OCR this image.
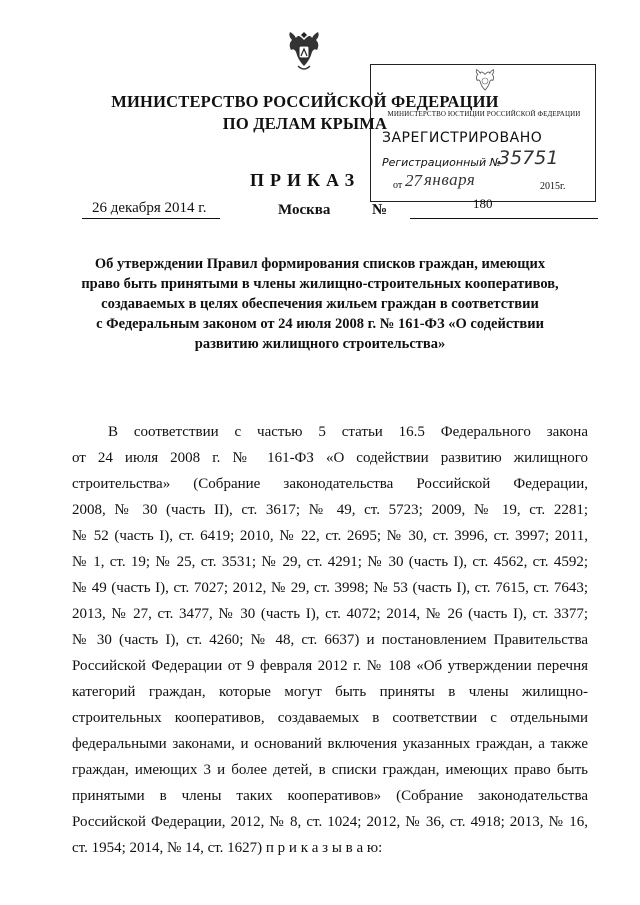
МИНИСТЕРСТВО РОССИЙСКОЙ ФЕДЕРАЦИИ
ПО ДЕЛАМ КРЫМА МИНИСТЕРСТВО ЮСТИЦИИ РОССИЙСКОЙ ФЕДЕРАЦИИ
ЗАРЕГИСТРИРОВАНО
Регистрационный №
35751
от 27 января	2015г.
ПРИКАЗ
26 декабря 2014 г.	Москва	№	180
Об утверждении Правил формирования списков граждан, имеющих
право быть принятыми в члены жилищно-строительных кооперативов,
создаваемых в целях обеспечения жильем граждан в соответствии
с Федеральным законом от 24 июля 2008 г. № 161-ФЗ «О содействии
развитию жилищного строительства»
В соответствии с частью 5 статьи 16.5 Федерального закона
от 24 июля 2008 г. № 161-ФЗ «О содействии развитию жилищного
строительства» (Собрание законодательства Российской Федерации,
2008, № 30 (часть II), ст. 3617; № 49, ст. 5723; 2009, № 19, ст. 2281;
№ 52 (часть I), ст. 6419; 2010, № 22, ст. 2695; № 30, ст. 3996, ст. 3997; 2011,
№ 1, ст. 19; № 25, ст. 3531; № 29, ст. 4291; № 30 (часть I), ст. 4562, ст. 4592;
№ 49 (часть I), ст. 7027; 2012, № 29, ст. 3998; № 53 (часть I), ст. 7615, ст. 7643;
2013, № 27, ст. 3477, № 30 (часть I), ст. 4072; 2014, № 26 (часть I), ст. 3377;
№ 30 (часть I), ст. 4260; № 48, ст. 6637) и постановлением Правительства
Российской Федерации от 9 февраля 2012 г. № 108 «Об утверждении перечня
категорий граждан, которые могут быть приняты в члены жилищно-
строительных кооперативов, создаваемых в соответствии с отдельными
федеральными законами, и оснований включения указанных граждан, а также
граждан, имеющих 3 и более детей, в списки граждан, имеющих право быть
принятыми в члены таких кооперативов» (Собрание законодательства
Российской Федерации, 2012, № 8, ст. 1024; 2012, № 36, ст. 4918; 2013, № 16,
ст. 1954; 2014, № 14, ст. 1627) п р и к а з ы в а ю:
